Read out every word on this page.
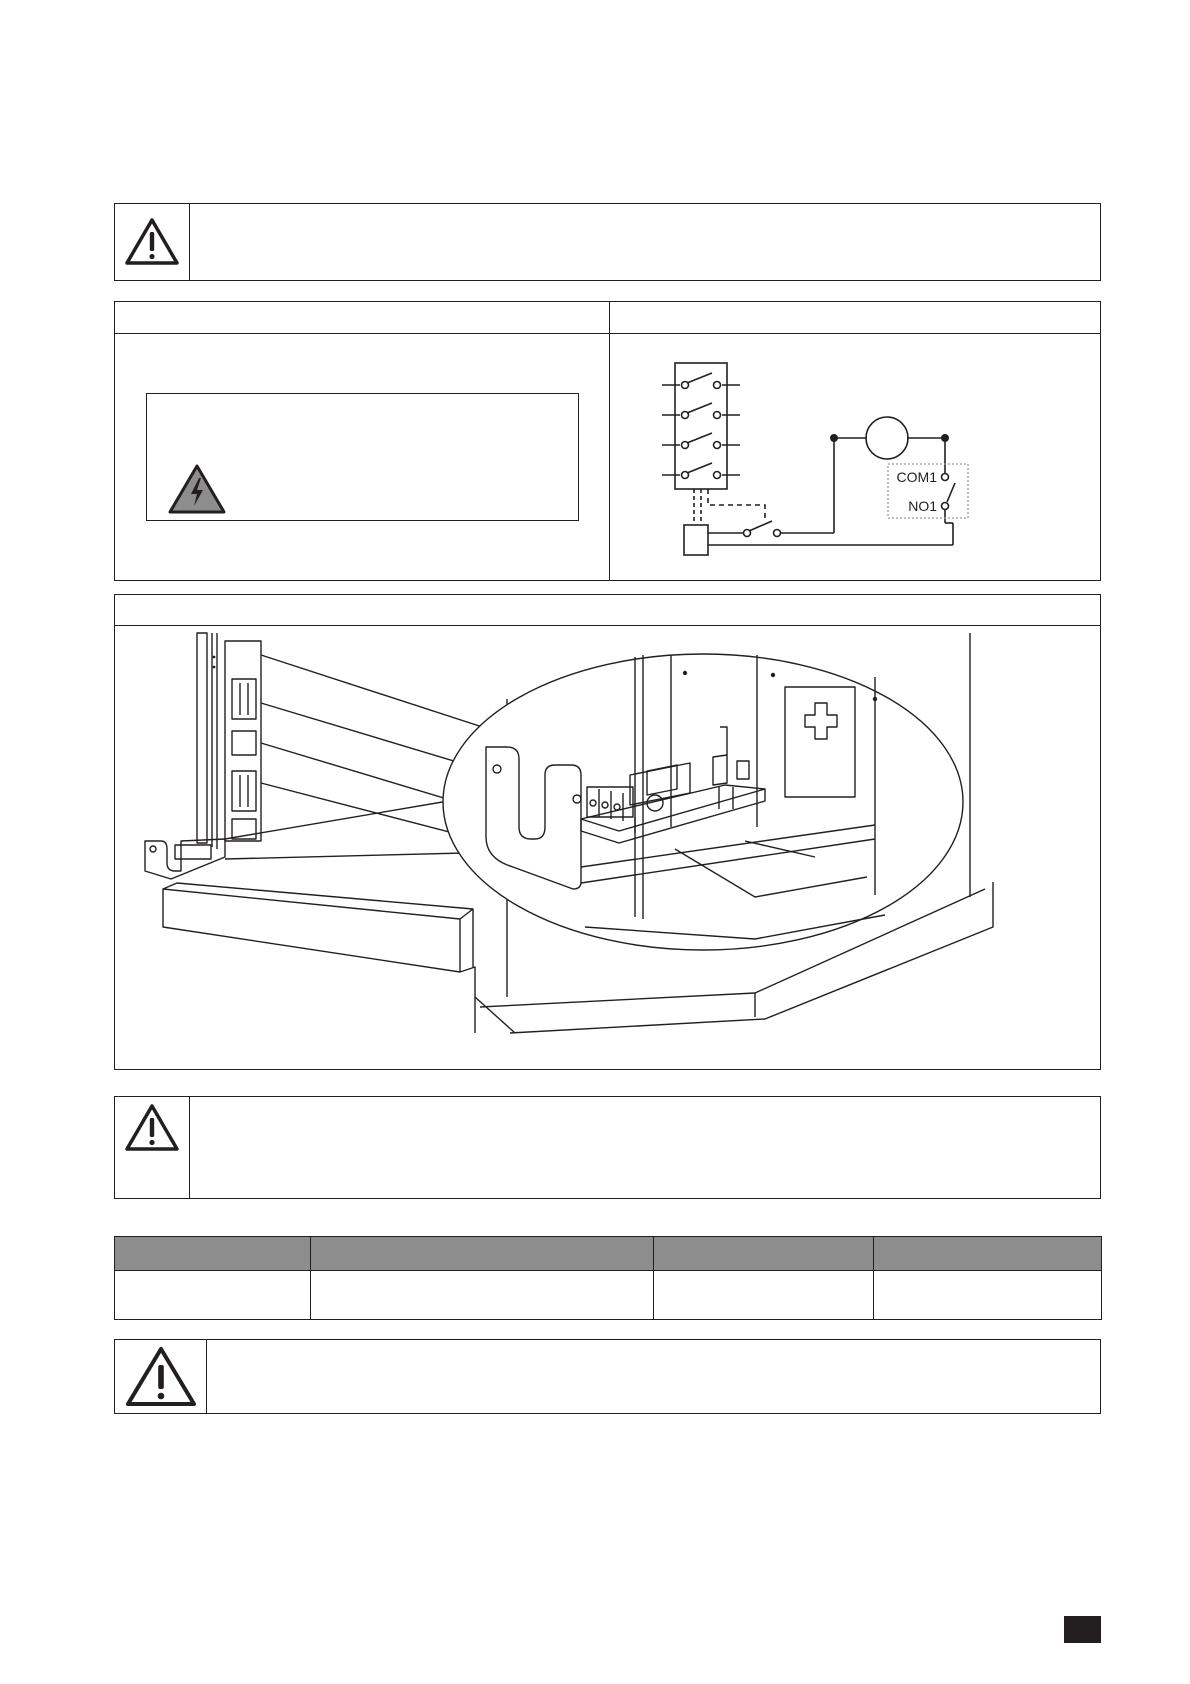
COM1
NO1
